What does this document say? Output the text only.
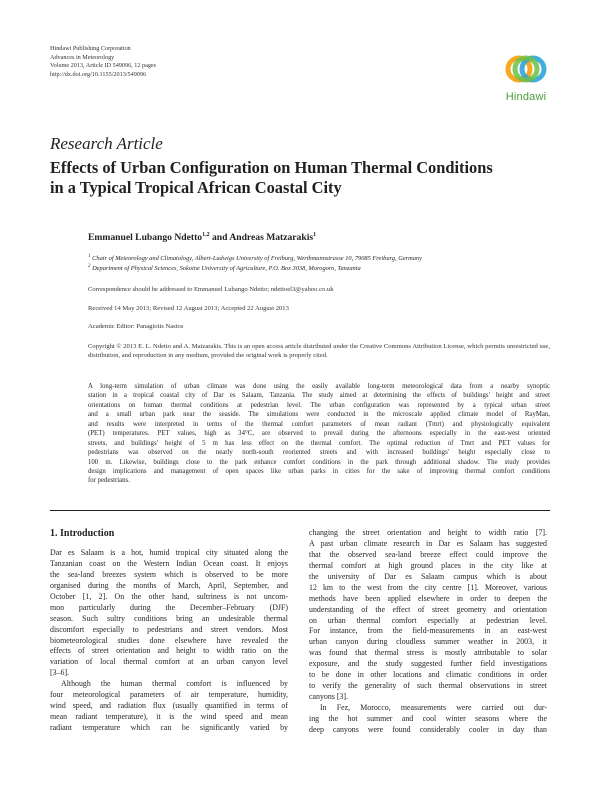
Hindawi Publishing Corporation
Advances in Meteorology
Volume 2013, Article ID 549096, 12 pages
http://dx.doi.org/10.1155/2013/549096
Hindawi
Research Article
Effects of Urban Configuration on Human Thermal Conditions
in a Typical Tropical African Coastal City
Emmanuel Lubango Ndetto$^{1,2}$ and Andreas Matzarakis$^1$
$^1$ Chair of Meteorology and Climatology, Albert-Ludwigs University of Freiburg, Werthmannstrasse 10, 79085 Freiburg, Germany
$^2$ Department of Physical Sciences, Sokoine University of Agriculture, P.O. Box 3038, Morogoro, Tanzania
Correspondence should be addressed to Emmanuel Lubango Ndetto; ndettoel3@yahoo.co.uk
Received 14 May 2013; Revised 12 August 2013; Accepted 22 August 2013
Academic Editor: Panagiotis Nastos
Copyright © 2013 E. L. Ndetto and A. Matzarakis. This is an open access article distributed under the Creative Commons Attribution License, which permits unrestricted use, distribution, and reproduction in any medium, provided the original work is properly cited.
A long-term simulation of urban climate was done using the easily available long-term meteorological data from a nearby synoptic
station in a tropical coastal city of Dar es Salaam, Tanzania. The study aimed at determining the effects of buildings' height and street
orientations on human thermal conditions at pedestrian level. The urban configuration was represented by a typical urban street
and a small urban park near the seaside. The simulations were conducted in the microscale applied climate model of RayMan,
and results were interpreted in terms of the thermal comfort parameters of mean radiant (Tmrt) and physiologically equivalent
(PET) temperatures. PET values, high as 34°C, are observed to prevail during the afternoons especially in the east-west oriented
streets, and buildings' height of 5 m has less effect on the thermal comfort. The optimal reduction of Tmrt and PET values for
pedestrians was observed on the nearly north-south reoriented streets and with increased buildings' height especially close to
100 m. Likewise, buildings close to the park enhance comfort conditions in the park through additional shadow. The study provides
design implications and management of open spaces like urban parks in cities for the sake of improving thermal comfort conditions
for pedestrians.
1. Introduction
Dar es Salaam is a hot, humid tropical city situated along the
Tanzanian coast on the Western Indian Ocean coast. It enjoys
the sea-land breezes system which is observed to be more
organised during the months of March, April, September, and
October [1, 2]. On the other hand, sultriness is not uncom-
mon particularly during the December–February (DJF)
season. Such sultry conditions bring an undesirable thermal
discomfort especially to pedestrians and street vendors. Most
biometeorological studies done elsewhere have revealed the
effects of street orientation and height to width ratio on the
variation of local thermal comfort at an urban canyon level
[3–6].
Although the human thermal comfort is influenced by
four meteorological parameters of air temperature, humidity,
wind speed, and radiation flux (usually quantified in terms of
mean radiant temperature), it is the wind speed and mean
radiant temperature which can be significantly varied by
changing the street orientation and height to width ratio [7].
A past urban climate research in Dar es Salaam has suggested
that the observed sea-land breeze effect could improve the
thermal comfort at high ground places in the city like at
the university of Dar es Salaam campus which is about
12 km to the west from the city centre [1]. Moreover, various
methods have been applied elsewhere in order to deepen the
understanding of the effect of street geometry and orientation
on urban thermal comfort especially at pedestrian level.
For instance, from the field-measurements in an east-west
urban canyon during cloudless summer weather in 2003, it
was found that thermal stress is mostly attributable to solar
exposure, and the study suggested further field investigations
to be done in other locations and climatic conditions in order
to verify the generality of such thermal observations in street
canyons [3].
In Fez, Morocco, measurements were carried out dur-
ing the hot summer and cool winter seasons where the
deep canyons were found considerably cooler in day than
